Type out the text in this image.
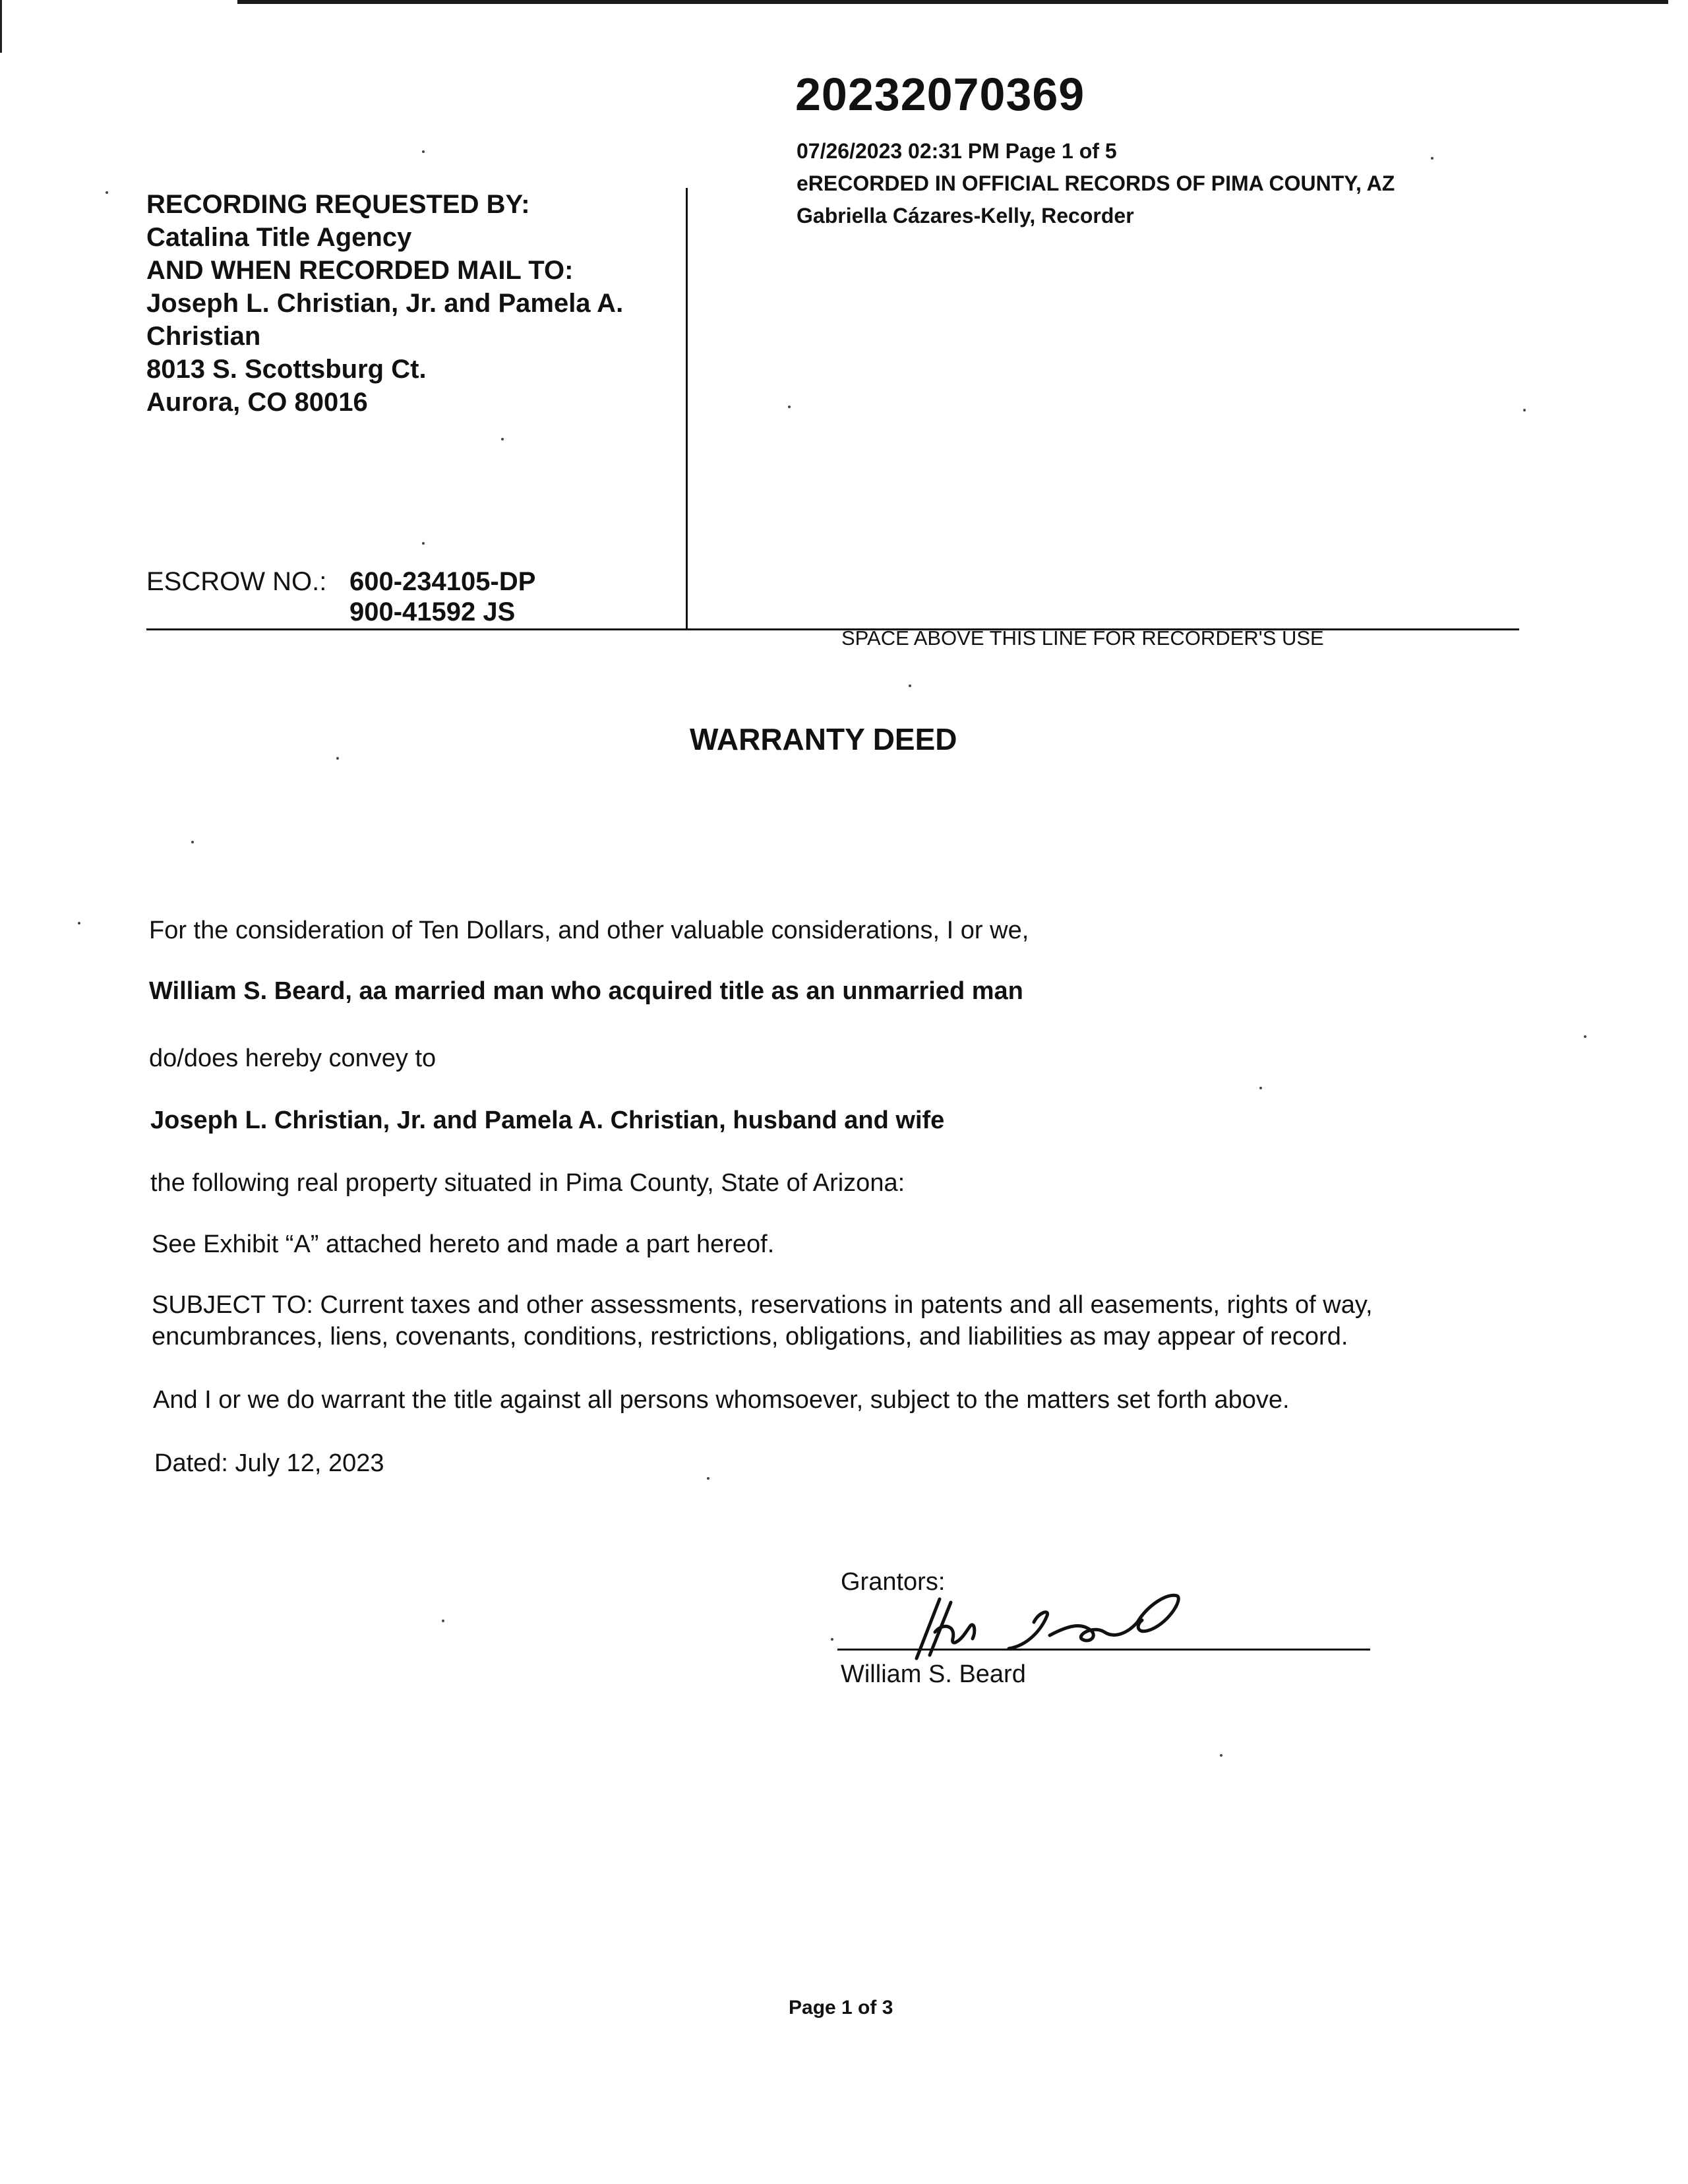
20232070369
07/26/2023 02:31 PM Page 1 of 5
eRECORDED IN OFFICIAL RECORDS OF PIMA COUNTY, AZ
Gabriella Cázares-Kelly, Recorder
RECORDING REQUESTED BY:
Catalina Title Agency
AND WHEN RECORDED MAIL TO:
Joseph L. Christian, Jr. and Pamela A.
Christian
8013 S. Scottsburg Ct.
Aurora, CO 80016
ESCROW NO.: 600-234105-DP
900-41592 JS
SPACE ABOVE THIS LINE FOR RECORDER'S USE
WARRANTY DEED
For the consideration of Ten Dollars, and other valuable considerations, I or we,
William S. Beard, aa married man who acquired title as an unmarried man
do/does hereby convey to
Joseph L. Christian, Jr. and Pamela A. Christian, husband and wife
the following real property situated in Pima County, State of Arizona:
See Exhibit “A” attached hereto and made a part hereof.
SUBJECT TO: Current taxes and other assessments, reservations in patents and all easements, rights of way,
encumbrances, liens, covenants, conditions, restrictions, obligations, and liabilities as may appear of record.
And I or we do warrant the title against all persons whomsoever, subject to the matters set forth above.
Dated: July 12, 2023
Grantors:
William S. Beard
Page 1 of 3
